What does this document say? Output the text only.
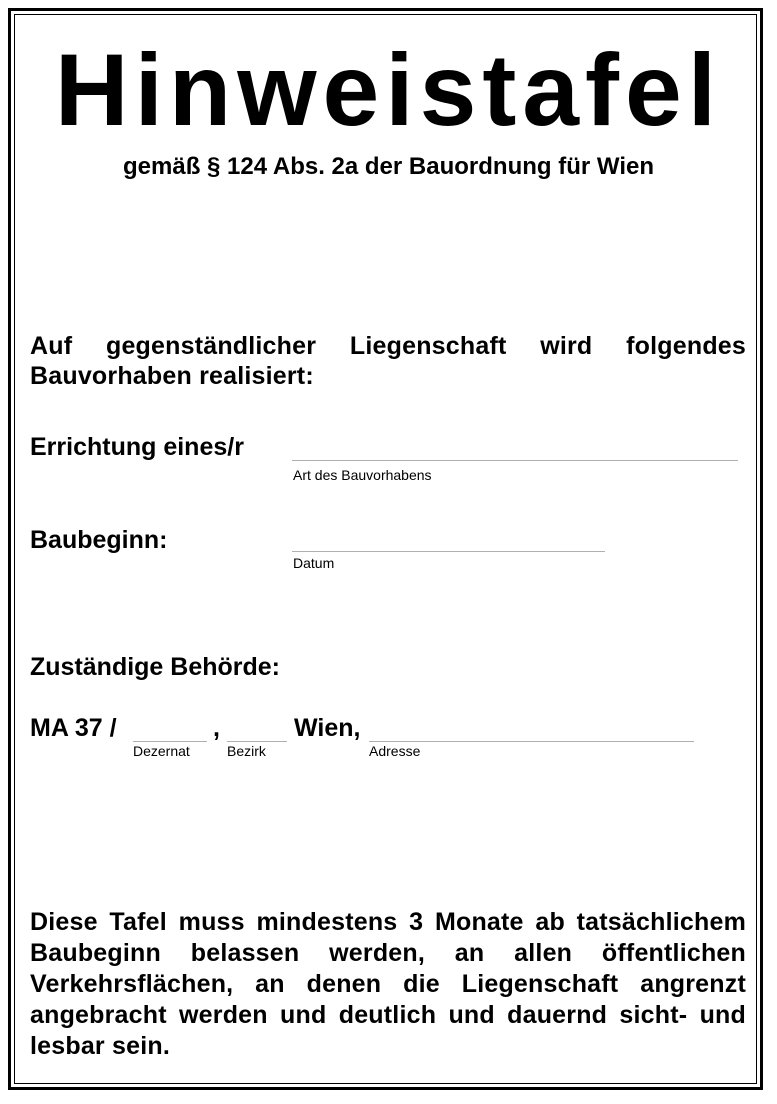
Hinweistafel
gemäß § 124 Abs. 2a der Bauordnung für Wien
Auf gegenständlicher Liegenschaft wird folgendes Bauvorhaben realisiert:
Errichtung eines/r
Art des Bauvorhabens
Baubeginn:
Datum
Zuständige Behörde:
MA 37 /
Dezernat
,
Bezirk
Wien,
Adresse
Diese Tafel muss mindestens 3 Monate ab tatsächlichem Baubeginn belassen werden, an allen öffentlichen Verkehrsflächen, an denen die Liegenschaft angrenzt angebracht werden und deutlich und dauernd sicht- und lesbar sein.
